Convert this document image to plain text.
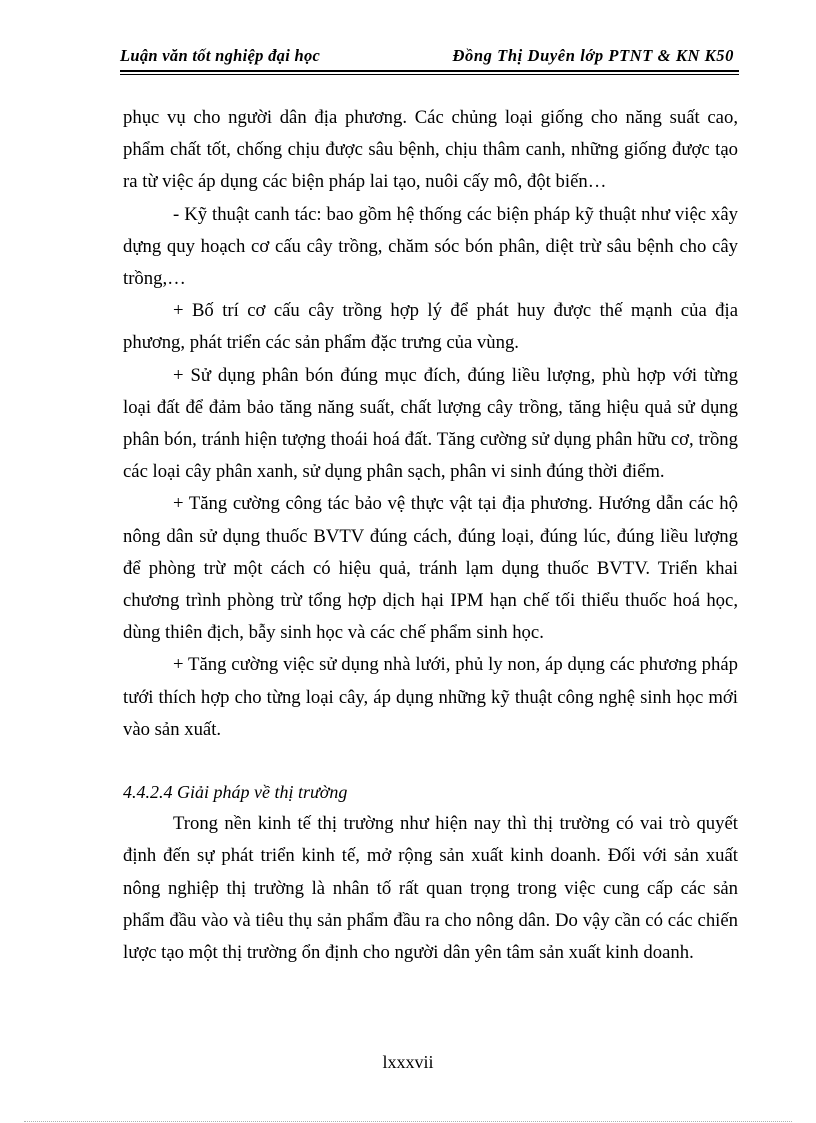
Luận văn tốt nghiệp đại học	Đồng Thị Duyên lớp PTNT & KN K50

phục vụ cho người dân địa phương. Các chủng loại giống cho năng suất cao, phẩm chất tốt, chống chịu được sâu bệnh, chịu thâm canh, những giống được tạo ra từ việc áp dụng các biện pháp lai tạo, nuôi cấy mô, đột biến…

- Kỹ thuật canh tác: bao gồm hệ thống các biện pháp kỹ thuật như việc xây dựng quy hoạch cơ cấu cây trồng, chăm sóc bón phân, diệt trừ sâu bệnh cho cây trồng,…

+ Bố trí cơ cấu cây trồng hợp lý để phát huy được thế mạnh của địa phương, phát triển các sản phẩm đặc trưng của vùng.

+ Sử dụng phân bón đúng mục đích, đúng liều lượng, phù hợp với từng loại đất để đảm bảo tăng năng suất, chất lượng cây trồng, tăng hiệu quả sử dụng phân bón, tránh hiện tượng thoái hoá đất. Tăng cường sử dụng phân hữu cơ, trồng các loại cây phân xanh, sử dụng phân sạch, phân vi sinh đúng thời điểm.

+ Tăng cường công tác bảo vệ thực vật tại địa phương. Hướng dẫn các hộ nông dân sử dụng thuốc BVTV đúng cách, đúng loại, đúng lúc, đúng liều lượng để phòng trừ một cách có hiệu quả, tránh lạm dụng thuốc BVTV. Triển khai chương trình phòng trừ tổng hợp dịch hại IPM hạn chế tối thiểu thuốc hoá học, dùng thiên địch, bẫy sinh học và các chế phẩm sinh học.

+ Tăng cường việc sử dụng nhà lưới, phủ ly non, áp dụng các phương pháp tưới thích hợp cho từng loại cây, áp dụng những kỹ thuật công nghệ sinh học mới vào sản xuất.

4.4.2.4 Giải pháp về thị trường

Trong nền kinh tế thị trường như hiện nay thì thị trường có vai trò quyết định đến sự phát triển kinh tế, mở rộng sản xuất kinh doanh. Đối với sản xuất nông nghiệp thị trường là nhân tố rất quan trọng trong việc cung cấp các sản phẩm đầu vào và tiêu thụ sản phẩm đầu ra cho nông dân. Do vậy cần có các chiến lược tạo một thị trường ổn định cho người dân yên tâm sản xuất kinh doanh.

lxxxvii
